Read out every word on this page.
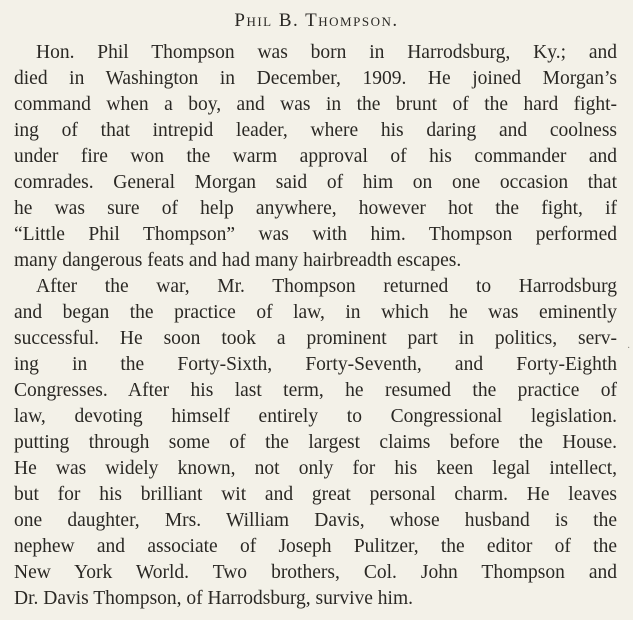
Phil B. Thompson.
Hon. Phil Thompson was born in Harrodsburg, Ky.; and
died in Washington in December, 1909. He joined Morgan’s
command when a boy, and was in the brunt of the hard fight-
ing of that intrepid leader, where his daring and coolness
under fire won the warm approval of his commander and
comrades. General Morgan said of him on one occasion that
he was sure of help anywhere, however hot the fight, if
“Little Phil Thompson” was with him. Thompson performed
many dangerous feats and had many hairbreadth escapes.
After the war, Mr. Thompson returned to Harrodsburg
and began the practice of law, in which he was eminently
successful. He soon took a prominent part in politics, serv-
ing in the Forty-Sixth, Forty-Seventh, and Forty-Eighth
Congresses. After his last term, he resumed the practice of
law, devoting himself entirely to Congressional legislation.
putting through some of the largest claims before the House.
He was widely known, not only for his keen legal intellect,
but for his brilliant wit and great personal charm. He leaves
one daughter, Mrs. William Davis, whose husband is the
nephew and associate of Joseph Pulitzer, the editor of the
New York World. Two brothers, Col. John Thompson and
Dr. Davis Thompson, of Harrodsburg, survive him.
·
